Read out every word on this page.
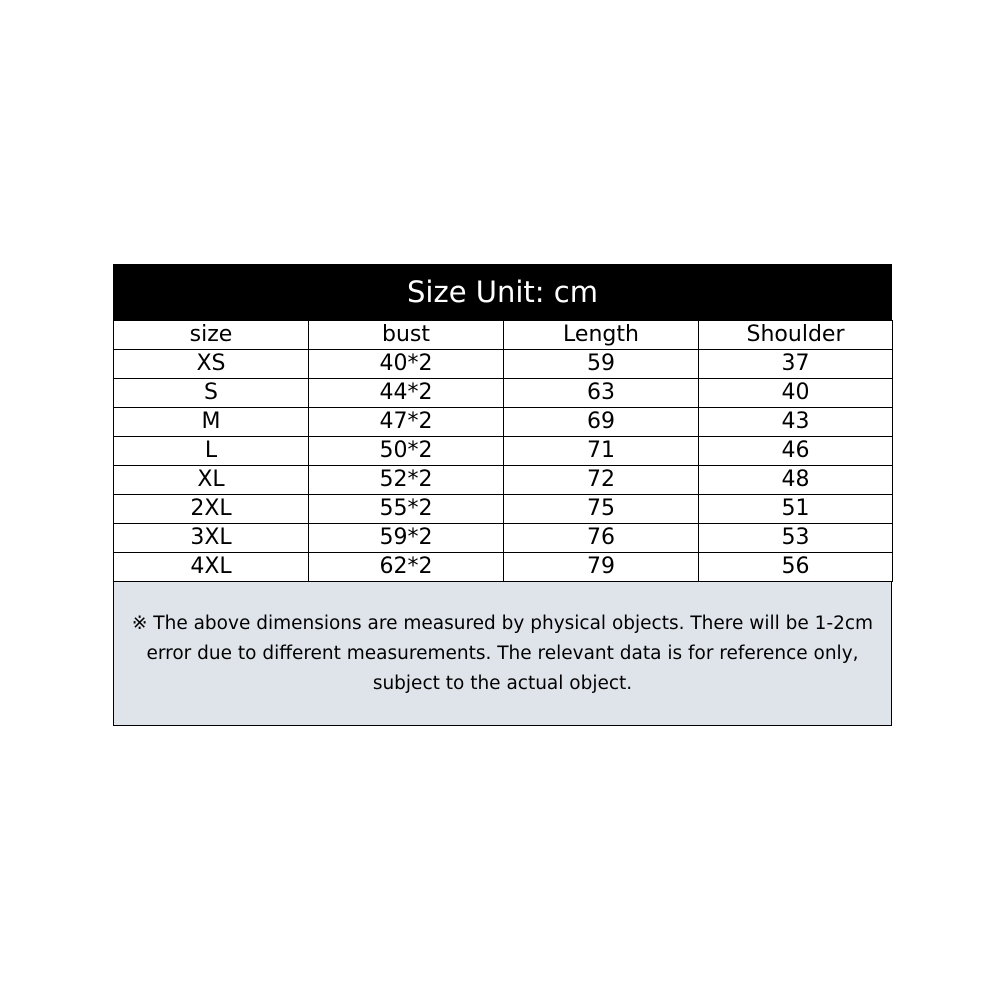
Size Unit: cm
size	bust	Length	Shoulder
XS	40*2	59	37
S	44*2	63	40
M	47*2	69	43
L	50*2	71	46
XL	52*2	72	48
2XL	55*2	75	51
3XL	59*2	76	53
4XL	62*2	79	56
※ The above dimensions are measured by physical objects. There will be 1-2cm error due to different measurements. The relevant data is for reference only, subject to the actual object.
